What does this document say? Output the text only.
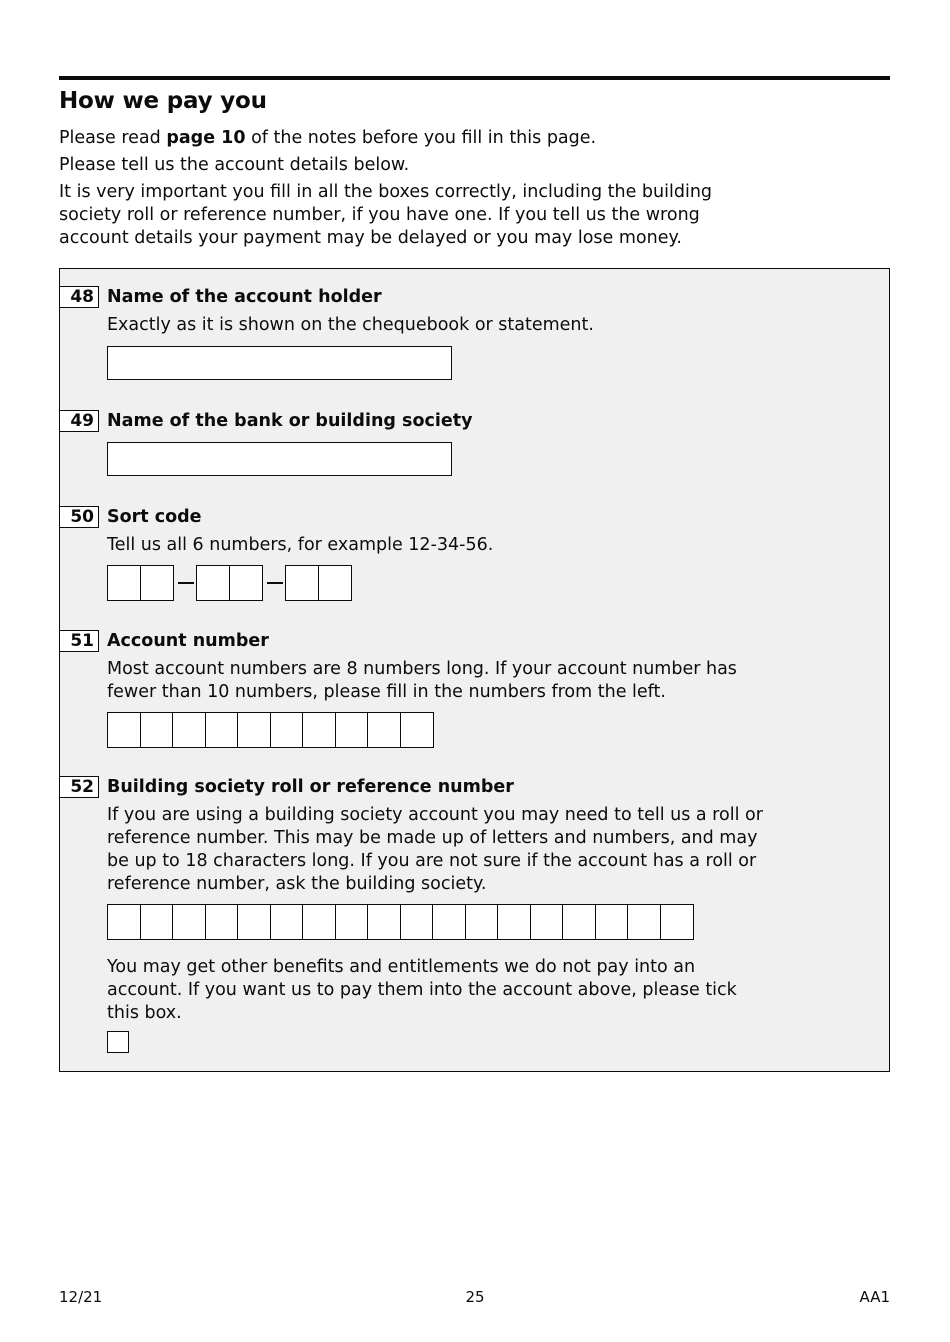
How we pay you

Please read page 10 of the notes before you fill in this page.

Please tell us the account details below.

It is very important you fill in all the boxes correctly, including the building society roll or reference number, if you have one. If you tell us the wrong account details your payment may be delayed or you may lose money.

48 Name of the account holder
Exactly as it is shown on the chequebook or statement.
49 Name of the bank or building society
50 Sort code
Tell us all 6 numbers, for example 12-34-56.
51 Account number
Most account numbers are 8 numbers long. If your account number has fewer than 10 numbers, please fill in the numbers from the left.
52 Building society roll or reference number
If you are using a building society account you may need to tell us a roll or reference number. This may be made up of letters and numbers, and may be up to 18 characters long. If you are not sure if the account has a roll or reference number, ask the building society.
You may get other benefits and entitlements we do not pay into an account. If you want us to pay them into the account above, please tick this box.
12/21	25	AA1
